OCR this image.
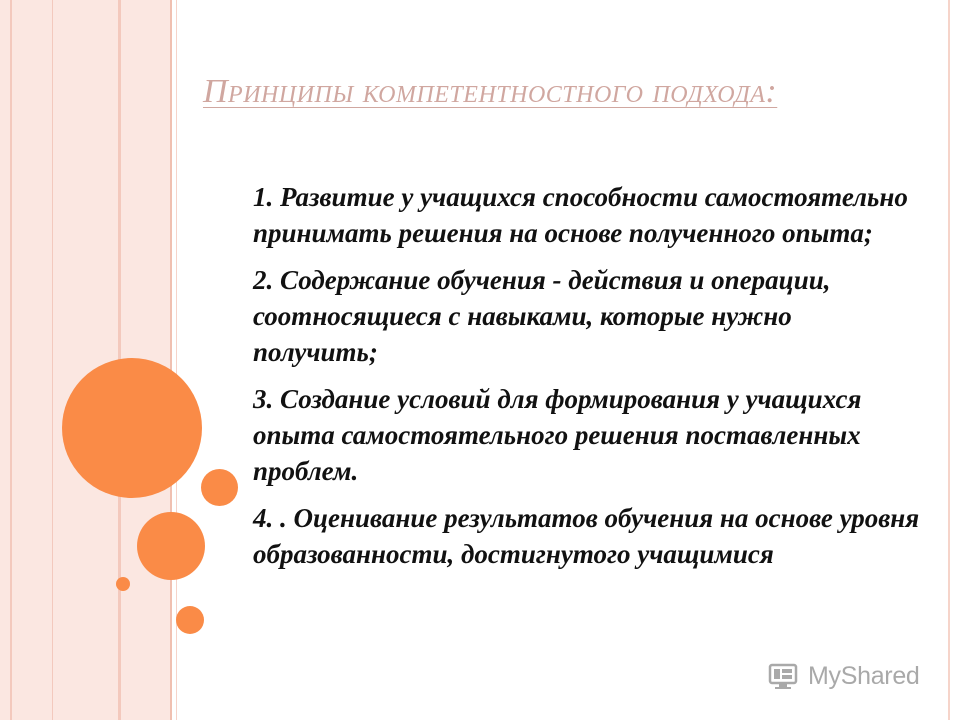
Принципы компетентностного подхода:

1. Развитие у учащихся способности самостоятельно принимать решения на основе полученного опыта;

2. Содержание обучения - действия и операции, соотносящиеся с навыками, которые нужно получить;

3. Создание условий для формирования у учащихся опыта самостоятельного решения поставленных проблем.

4. . Оценивание результатов обучения на основе уровня образованности, достигнутого учащимися

MyShared
